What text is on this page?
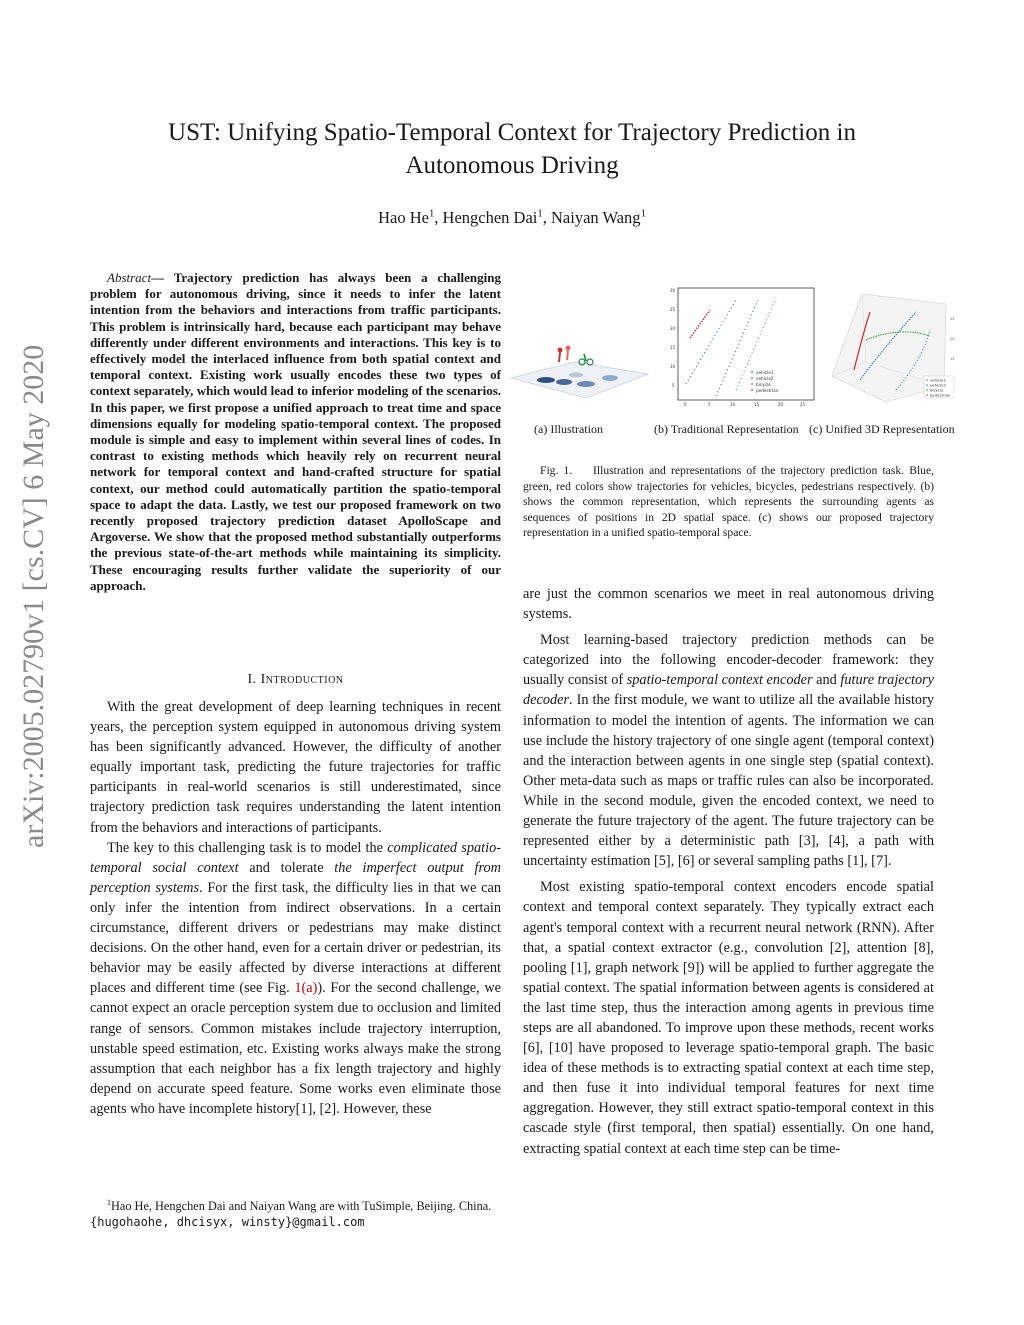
arXiv:2005.02790v1 [cs.CV] 6 May 2020
UST: Unifying Spatio-Temporal Context for Trajectory Prediction in
Autonomous Driving
Hao He$^1$, Hengchen Dai$^1$, Naiyan Wang$^1$

Abstract— Trajectory prediction has always been a challenging problem for autonomous driving, since it needs to infer the latent intention from the behaviors and interactions from traffic participants. This problem is intrinsically hard, because each participant may behave differently under different environments and interactions. This key is to effectively model the interlaced influence from both spatial context and temporal context. Existing work usually encodes these two types of context separately, which would lead to inferior modeling of the scenarios. In this paper, we first propose a unified approach to treat time and space dimensions equally for modeling spatio-temporal context. The proposed module is simple and easy to implement within several lines of codes. In contrast to existing methods which heavily rely on recurrent neural network for temporal context and hand-crafted structure for spatial context, our method could automatically partition the spatio-temporal space to adapt the data. Lastly, we test our proposed framework on two recently proposed trajectory prediction dataset ApolloScape and Argoverse. We show that the proposed method substantially outperforms the previous state-of-the-art methods while maintaining its simplicity. These encouraging results further validate the superiority of our approach.

I. Introduction

With the great development of deep learning techniques in recent years, the perception system equipped in autonomous driving system has been significantly advanced. However, the difficulty of another equally important task, predicting the future trajectories for traffic participants in real-world scenarios is still underestimated, since trajectory prediction task requires understanding the latent intention from the behaviors and interactions of participants.

The key to this challenging task is to model the complicated spatio-temporal social context and tolerate the imperfect output from perception systems. For the first task, the difficulty lies in that we can only infer the intention from indirect observations. In a certain circumstance, different drivers or pedestrians may make distinct decisions. On the other hand, even for a certain driver or pedestrian, its behavior may be easily affected by diverse interactions at different places and different time (see Fig. 1(a)). For the second challenge, we cannot expect an oracle perception system due to occlusion and limited range of sensors. Common mistakes include trajectory interruption, unstable speed estimation, etc. Existing works always make the strong assumption that each neighbor has a fix length trajectory and highly depend on accurate speed feature. Some works even eliminate those agents who have incomplete history[1], [2]. However, these

$^1$Hao He, Hengchen Dai and Naiyan Wang are with TuSimple, Beijing. China. {hugohaohe, dhcisyx, winsty}@gmail.com

30
25
20
15
10
5
0	5	10	15	20	25
vehicle1
vehicle2
bicycle
pedestrian
25
20
15
vehicle1
vehicle2
bicycle
pedestrian
(a) Illustration	(b) Traditional Representation (c) Unified 3D Representation

Fig. 1. Illustration and representations of the trajectory prediction task. Blue, green, red colors show trajectories for vehicles, bicycles, pedestrians respectively. (b) shows the common representation, which represents the surrounding agents as sequences of positions in 2D spatial space. (c) shows our proposed trajectory representation in a unified spatio-temporal space.

are just the common scenarios we meet in real autonomous driving systems.

Most learning-based trajectory prediction methods can be categorized into the following encoder-decoder framework: they usually consist of spatio-temporal context encoder and future trajectory decoder. In the first module, we want to utilize all the available history information to model the intention of agents. The information we can use include the history trajectory of one single agent (temporal context) and the interaction between agents in one single step (spatial context). Other meta-data such as maps or traffic rules can also be incorporated. While in the second module, given the encoded context, we need to generate the future trajectory of the agent. The future trajectory can be represented either by a deterministic path [3], [4], a path with uncertainty estimation [5], [6] or several sampling paths [1], [7].

Most existing spatio-temporal context encoders encode spatial context and temporal context separately. They typically extract each agent's temporal context with a recurrent neural network (RNN). After that, a spatial context extractor (e.g., convolution [2], attention [8], pooling [1], graph network [9]) will be applied to further aggregate the spatial context. The spatial information between agents is considered at the last time step, thus the interaction among agents in previous time steps are all abandoned. To improve upon these methods, recent works [6], [10] have proposed to leverage spatio-temporal graph. The basic idea of these methods is to extracting spatial context at each time step, and then fuse it into individual temporal features for next time aggregation. However, they still extract spatio-temporal context in this cascade style (first temporal, then spatial) essentially. On one hand, extracting spatial context at each time step can be time-
